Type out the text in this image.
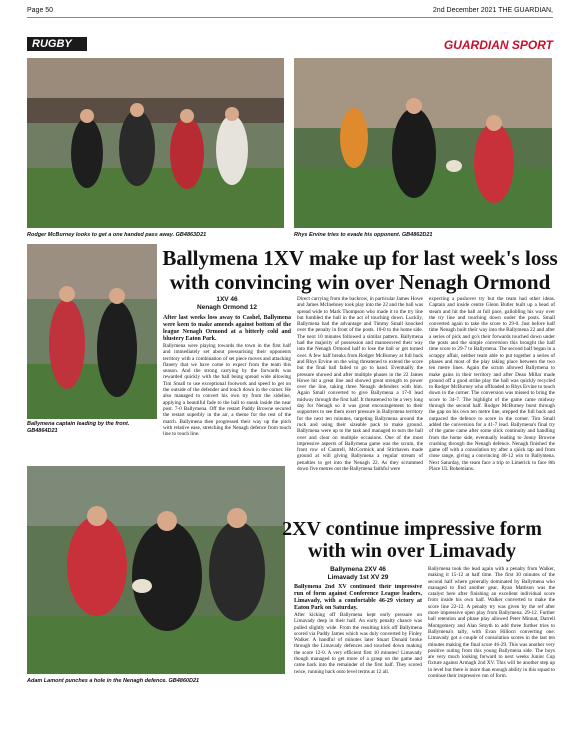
Page 50	2nd December 2021 THE GUARDIAN,
RUGBY	GUARDIAN SPORT
Rodger McBurney looks to get a one handed pass away. GB4863D21	Rhys Ervine tries to evade his opponent. GB4862D21
Ballymena captain leading by the front. GB4864D21
Adam Lamont punches a hole in the Nenagh defence. GB4860D21
Ballymena 1XV make up for last week's loss with convincing win over Nenagh Ormond
1XV 46
Nenagh Ormond 12

After last weeks loss away to Cashel, Ballymena were keen to make amends against bottom of the league Nenagh Ormond at a bitterly cold and blustery Eaton Park.

Ballymena were playing towards the town in the first half and immediately set about pressurising their opponents territory with a combination of set piece moves and attacking flanery that we have come to expect from the team this season. And the strong carrying by the forwards was rewarded quickly with the ball being spread wide allowing Tim Small to use exceptional footwork and speed to get on the outside of the defender and touch down in the corner. He also managed to convert his own try from the sideline, applying a beautiful fade to the ball to sneak inside the near post. 7-0 Ballymena. Off the restart Paddy Browne secured the restart superbly in the air, a theme for the rest of the match. Ballymena then progressed their way up the pitch with relative ease, stretching the Nenagh defence from touch line to touch line.

Direct carrying from the backrow, in particular James Howe and James McInebney took play into the 22 and the ball was spread wide to Mark Thompson who made it to the try line but fumbled the ball in the act of touching down. Luckily, Ballymena had the advantage and Timmy Small knocked over the penalty in front of the posts. 10-0 to the home side. The next 10 minutes followed a similar pattern. Ballymena had the majority of possession and manoeuvred their way into the Nenagh Ormond half to lose the ball or get turned over. A few half breaks from Rodger McBurney at full back and Rhys Ervine on the wing threatened to extend the score but the final ball failed to go to hand. Eventually the pressure showed and after multiple phases in the 22 James Howe hit a great line and showed great strength to power over the line, taking three Nenagh defenders with him. Again Small converted to give Ballymena a 17-0 lead midway through the first half. It threatened to be a very long day for Nenagh so it was great encouragement to their supporters to see them exert pressure in Ballymena territory for the next ten minutes, targeting Ballymena around the ruck and using their sizeable pack to make ground. Ballymena were up to the task and managed to turn the ball over and clear on multiple occasions. One of the most impressive aspects of Ballymena game was the scrum, the front row of Cantrell, McCormick and Stirrhaven made ground at will giving Ballymena a regular stream of penalties to get into the Nenagh 22. As they scrummed down five metres out the Ballymena faithful were

expecting a pushover try but the team had other ideas. Captain and inside centre Glenn Butler built up a head of steam and hit the ball at full pace, gallobling his way over the try line and touching down under the posts. Small converted again to take the score to 29-0. Just before half time Nenagh built their way into the Ballymena 22 and after a series of pick and go's their forwards touched down under the posts and the simple conversion this brought the half time score to 29-7 to Ballymena. The second half began in a scrappy affair, neither team able to put together a series of phases and most of the play taking place between the two ten metre lines. Again the scrum allowed Ballymena to make gains in their territory and after Dean Millar made ground off a good strike play the ball was quickly recycled to Rodger McBurney who offloaded to Rhys Ervine to touch down in the corner. The conversion was missed to bring the score to 34-7. The highlight of the game came midway through the second half. Rodger McBurney burst through the gap on his own ten metre line, stepped the full back and outpaced the defence to score in the corner. Tim Small added the conversion for a 41-7 lead. Ballymena's final try of the game came after some slick continuity and handling from the home side, eventually leading to Jonny Browne crashing through the Nenagh defence. Nenagh finished the game off with a consolation try after a quick tap and from close range, giving a convincing 46-12 win to Ballymena. Next Saturday, the team face a trip to Limerick to face 8th Place UL Bohemians.

2XV continue impressive form with win over Limavady
Ballymena 2XV 46
Limavady 1st XV 29

Ballymena 2nd XV continued their impressive run of form against Conference League leaders, Limavady, with a comfortable 46-29 victory at Eaton Park on Saturday.

After kicking off Ballymena kept early pressure on Limavady deep in their half. An early penalty chance was pulled slightly wide. From the resulting kick off Ballymena scored via Paddy James which was duly converted by Finley Walker. A handful of minutes later Stuart Donald broke through the Limavady defences and touched down making the score 12-0. A very efficient first 10 minutes! Limavady though managed to get more of a grasp on the game and came back into the remainder of the first half. They scored twice, running back onto level terms at 12 all.

Ballymena took the lead again with a penalty from Walker, making it 15-12 at half time. The first 30 minutes of the second half where generally dominated by Ballymena who managed to find another gear. Ryan Mattison was the catalyst here after finishing an excellent individual score from inside his own half. Walker converted to make the score line 22-12. A penalty try was given by the ref after more impressive open play from Ballymena. 29-12. Further ball retention and phase play allowed Peter Minnat, Darrell Montgomery and Alan Smyth to add three further tries to Ballymena's tally, with Evan Hillocn converting one. Limavady got a couple of consolation scores in the last ten minutes making the final score 46-29. This was another very positive outing from this young Ballymena side. The boys are very much looking forward to next weeks Junior Cup fixture against Armagh 2nd XV. This will be another step up in level but there is more than enough ability in this squad to continue their impressive run of form.
